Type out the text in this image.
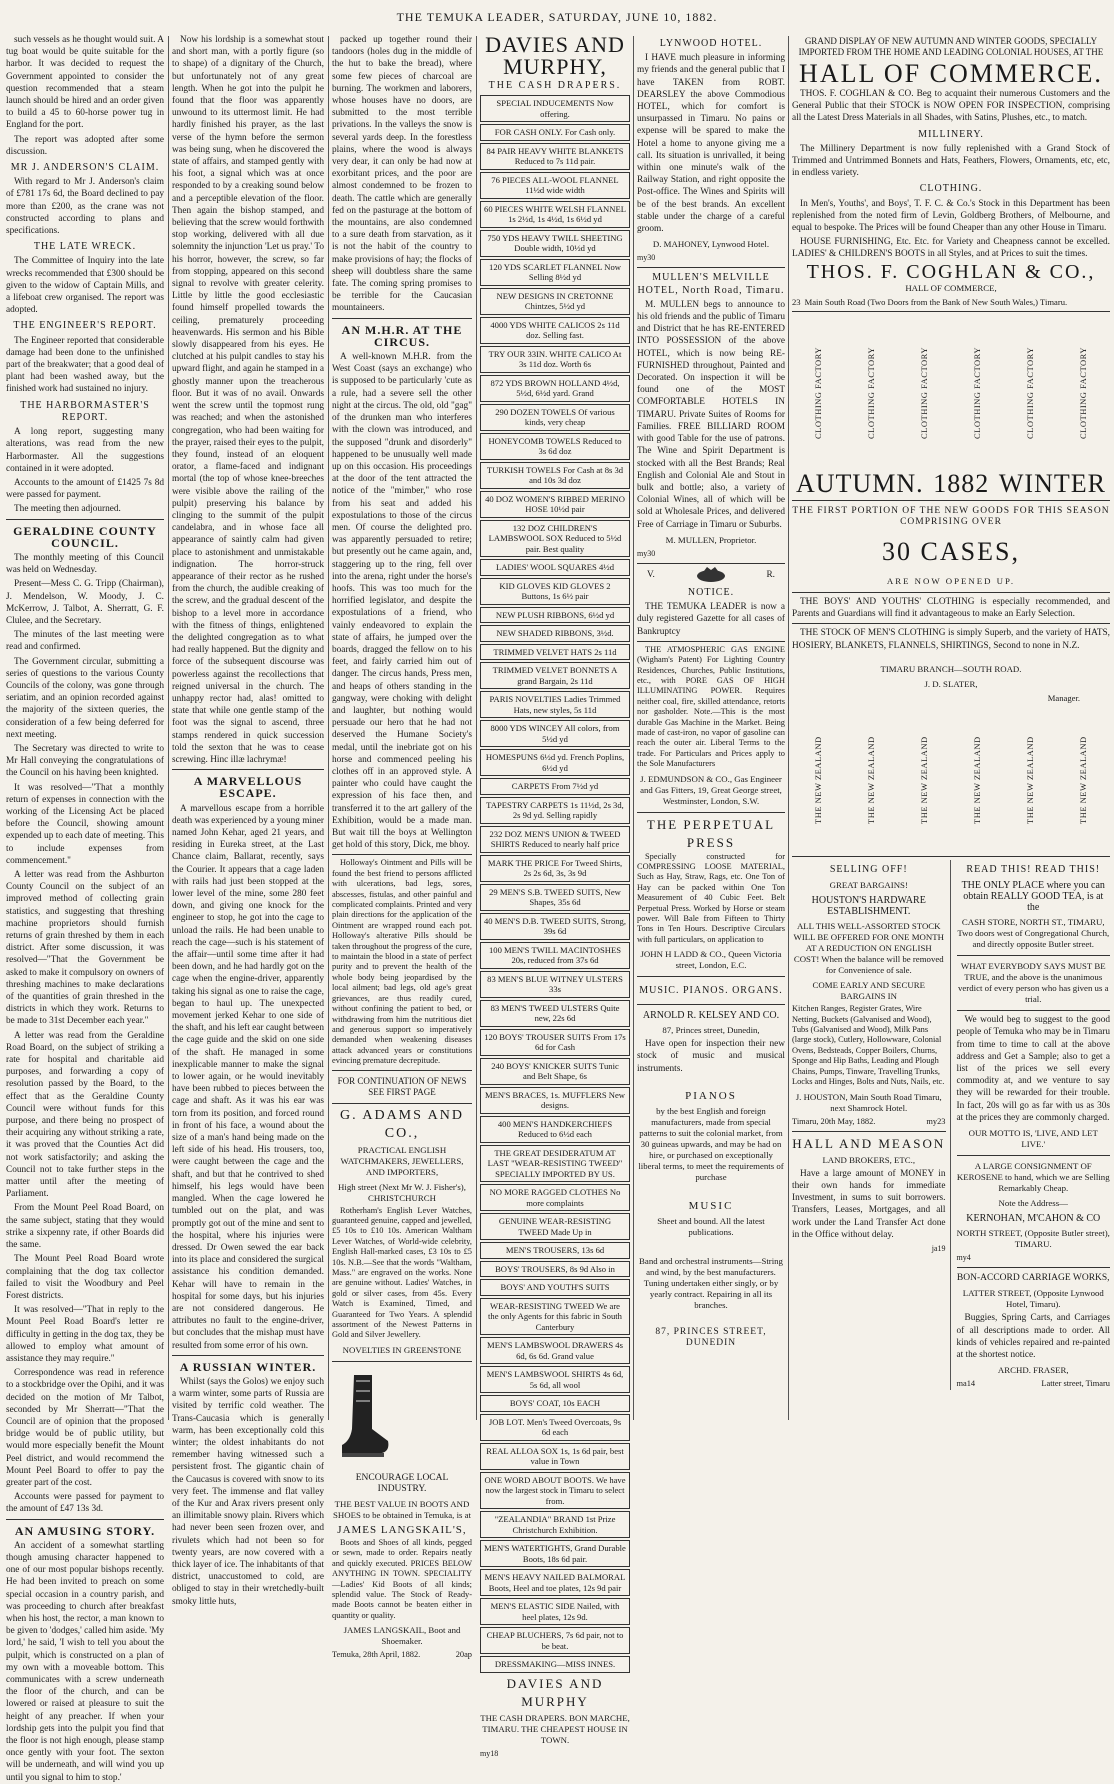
THE TEMUKA LEADER, SATURDAY, JUNE 10, 1882.

such vessels as he thought would suit. A tug boat would be quite suitable for the harbor. It was decided to request the Government appointed to consider the question recommended that a steam launch should be hired and an order given to build a 45 to 60-horse power tug in England for the port.

The report was adopted after some discussion.

MR J. ANDERSON'S CLAIM.

With regard to Mr J. Anderson's claim of £781 17s 6d, the Board declined to pay more than £200, as the crane was not constructed according to plans and specifications.

THE LATE WRECK.

The Committee of Inquiry into the late wrecks recommended that £300 should be given to the widow of Captain Mills, and a lifeboat crew organised. The report was adopted.

THE ENGINEER'S REPORT.

The Engineer reported that considerable damage had been done to the unfinished part of the breakwater; that a good deal of plant had been washed away, but the finished work had sustained no injury.

THE HARBORMASTER'S REPORT.

A long report, suggesting many alterations, was read from the new Harbormaster. All the suggestions contained in it were adopted.

Accounts to the amount of £1425 7s 8d were passed for payment.

The meeting then adjourned.

GERALDINE COUNTY COUNCIL.

The monthly meeting of this Council was held on Wednesday.

Present—Mess C. G. Tripp (Chairman), J. Mendelson, W. Moody, J. C. McKerrow, J. Talbot, A. Sherratt, G. F. Clulee, and the Secretary.

The minutes of the last meeting were read and confirmed.

The Government circular, submitting a series of questions to the various County Councils of the colony, was gone through seriatim, and an opinion recorded against the majority of the sixteen queries, the consideration of a few being deferred for next meeting.

The Secretary was directed to write to Mr Hall conveying the congratulations of the Council on his having been knighted.

It was resolved—"That a monthly return of expenses in connection with the working of the Licensing Act be placed before the Council, showing amount expended up to each date of meeting. This to include expenses from commencement."

A letter was read from the Ashburton County Council on the subject of an improved method of collecting grain statistics, and suggesting that threshing machine proprietors should furnish returns of grain threshed by them in each district. After some discussion, it was resolved—"That the Government be asked to make it compulsory on owners of threshing machines to make declarations of the quantities of grain threshed in the districts in which they work. Returns to be made to 31st December each year."

A letter was read from the Geraldine Road Board, on the subject of striking a rate for hospital and charitable aid purposes, and forwarding a copy of resolution passed by the Board, to the effect that as the Geraldine County Council were without funds for this purpose, and there being no prospect of their acquiring any without striking a rate, it was proved that the Counties Act did not work satisfactorily; and asking the Council not to take further steps in the matter until after the meeting of Parliament.

From the Mount Peel Road Board, on the same subject, stating that they would strike a sixpenny rate, if other Boards did the same.

The Mount Peel Road Board wrote complaining that the dog tax collector failed to visit the Woodbury and Peel Forest districts.

It was resolved—"That in reply to the Mount Peel Road Board's letter re difficulty in getting in the dog tax, they be allowed to employ what amount of assistance they may require."

Correspondence was read in reference to a stockbridge over the Opihi, and it was decided on the motion of Mr Talbot, seconded by Mr Sherratt—"That the Council are of opinion that the proposed bridge would be of public utility, but would more especially benefit the Mount Peel district, and would recommend the Mount Peel Board to offer to pay the greater part of the cost.

Accounts were passed for payment to the amount of £47 13s 3d.

AN AMUSING STORY.

An accident of a somewhat startling though amusing character happened to one of our most popular bishops recently. He had been invited to preach on some special occasion in a country parish, and was proceeding to church after breakfast when his host, the rector, a man known to be given to 'dodges,' called him aside. 'My lord,' he said, 'I wish to tell you about the pulpit, which is constructed on a plan of my own with a moveable bottom. This communicates with a screw underneath the floor of the church, and can be lowered or raised at pleasure to suit the height of any preacher. If when your lordship gets into the pulpit you find that the floor is not high enough, please stamp once gently with your foot. The sexton will be underneath, and will wind you up until you signal to him to stop.'

Now his lordship is a somewhat stout and short man, with a portly figure (so to shape) of a dignitary of the Church, but unfortunately not of any great length. When he got into the pulpit he found that the floor was apparently unwound to its uttermost limit. He had hardly finished his prayer, as the last verse of the hymn before the sermon was being sung, when he discovered the state of affairs, and stamped gently with his foot, a signal which was at once responded to by a creaking sound below and a perceptible elevation of the floor. Then again the bishop stamped, and believing that the screw would forthwith stop working, delivered with all due solemnity the injunction 'Let us pray.' To his horror, however, the screw, so far from stopping, appeared on this second signal to revolve with greater celerity. Little by little the good ecclesiastic found himself propelled towards the ceiling, prematurely proceeding heavenwards. His sermon and his Bible slowly disappeared from his eyes. He clutched at his pulpit candles to stay his upward flight, and again he stamped in a ghostly manner upon the treacherous floor. But it was of no avail. Onwards went the screw until the topmost rung was reached; and when the astonished congregation, who had been waiting for the prayer, raised their eyes to the pulpit, they found, instead of an eloquent orator, a flame-faced and indignant mortal (the top of whose knee-breeches were visible above the railing of the pulpit) preserving his balance by clinging to the summit of the pulpit candelabra, and in whose face all appearance of saintly calm had given place to astonishment and unmistakable indignation. The horror-struck appearance of their rector as he rushed from the church, the audible creaking of the screw, and the gradual descent of the bishop to a level more in accordance with the fitness of things, enlightened the delighted congregation as to what had really happened. But the dignity and force of the subsequent discourse was powerless against the recollections that reigned universal in the church. The unhappy rector had, alas! omitted to state that while one gentle stamp of the foot was the signal to ascend, three stamps rendered in quick succession told the sexton that he was to cease screwing. Hinc illæ lachrymæ!

A MARVELLOUS ESCAPE.

A marvellous escape from a horrible death was experienced by a young miner named John Kehar, aged 21 years, and residing in Eureka street, at the Last Chance claim, Ballarat, recently, says the Courier. It appears that a cage laden with rails had just been stopped at the lower level of the mine, some 280 feet down, and giving one knock for the engineer to stop, he got into the cage to unload the rails. He had been unable to reach the cage—such is his statement of the affair—until some time after it had been down, and he had hardly got on the cage when the engine-driver, apparently taking his signal as one to raise the cage, began to haul up. The unexpected movement jerked Kehar to one side of the shaft, and his left ear caught between the cage guide and the skid on one side of the shaft. He managed in some inexplicable manner to make the signal to lower again, or he would inevitably have been rubbed to pieces between the cage and shaft. As it was his ear was torn from its position, and forced round in front of his face, a wound about the size of a man's hand being made on the left side of his head. His trousers, too, were caught between the cage and the shaft, and but that he contrived to shed himself, his legs would have been mangled. When the cage lowered he tumbled out on the plat, and was promptly got out of the mine and sent to the hospital, where his injuries were dressed. Dr Owen sewed the ear back into its place and considered the surgical assistance his condition demanded. Kehar will have to remain in the hospital for some days, but his injuries are not considered dangerous. He attributes no fault to the engine-driver, but concludes that the mishap must have resulted from some error of his own.

A RUSSIAN WINTER.

Whilst (says the Golos) we enjoy such a warm winter, some parts of Russia are visited by terrific cold weather. The Trans-Caucasia which is generally warm, has been exceptionally cold this winter; the oldest inhabitants do not remember having witnessed such a persistent frost. The gigantic chain of the Caucasus is covered with snow to its very feet. The immense and flat valley of the Kur and Arax rivers present only an illimitable snowy plain. Rivers which had never been seen frozen over, and rivulets which had not been so for twenty years, are now covered with a thick layer of ice. The inhabitants of that district, unaccustomed to cold, are obliged to stay in their wretchedly-built smoky little huts,

packed up together round their tandoors (holes dug in the middle of the hut to bake the bread), where some few pieces of charcoal are burning. The workmen and laborers, whose houses have no doors, are submitted to the most terrible privations. In the valleys the snow is several yards deep. In the forestless plains, where the wood is always very dear, it can only be had now at exorbitant prices, and the poor are almost condemned to be frozen to death. The cattle which are generally fed on the pasturage at the bottom of the mountains, are also condemned to a sure death from starvation, as it is not the habit of the country to make provisions of hay; the flocks of sheep will doubtless share the same fate. The coming spring promises to be terrible for the Caucasian mountaineers.

AN M.H.R. AT THE CIRCUS.

A well-known M.H.R. from the West Coast (says an exchange) who is supposed to be particularly 'cute as a rule, had a severe sell the other night at the circus. The old, old "gag" of the drunken man who interferes with the clown was introduced, and the supposed "drunk and disorderly" happened to be unusually well made up on this occasion. His proceedings at the door of the tent attracted the notice of the "mimber," who rose from his seat and added his expostulations to those of the circus men. Of course the delighted pro. was apparently persuaded to retire; but presently out he came again, and, staggering up to the ring, fell over into the arena, right under the horse's hoofs. This was too much for the horrified legislator, and despite the expostulations of a friend, who vainly endeavored to explain the state of affairs, he jumped over the boards, dragged the fellow on to his feet, and fairly carried him out of danger. The circus hands, Press men, and heaps of others standing in the gangway, were choking with delight and laughter, but nothing would persuade our hero that he had not deserved the Humane Society's medal, until the inebriate got on his horse and commenced peeling his clothes off in an approved style. A painter who could have caught the expression of his face then, and transferred it to the art gallery of the Exhibition, would be a made man. But wait till the boys at Wellington get hold of this story, Dick, me bhoy.

Holloway's Ointment and Pills will be found the best friend to persons afflicted with ulcerations, bad legs, sores, abscesses, fistulas, and other painful and complicated complaints. Printed and very plain directions for the application of the Ointment are wrapped round each pot. Holloway's alterative Pills should be taken throughout the progress of the cure, to maintain the blood in a state of perfect purity and to prevent the health of the whole body being jeopardised by the local ailment; bad legs, old age's great grievances, are thus readily cured, without confining the patient to bed, or withdrawing from him the nutritious diet and generous support so imperatively demanded when weakening diseases attack advanced years or constitutions evincing premature decrepitude.

FOR CONTINUATION OF NEWS SEE FIRST PAGE
G. ADAMS AND CO.,
PRACTICAL ENGLISH WATCHMAKERS, JEWELLERS, AND IMPORTERS,
High street (Next Mr W. J. Fisher's), CHRISTCHURCH

Rotherham's English Lever Watches, guaranteed genuine, capped and jewelled, £5 10s to £10 10s. American Waltham Lever Watches, of World-wide celebrity, English Hall-marked cases, £3 10s to £5 10s. N.B.—See that the words "Waltham, Mass." are engraved on the works. None are genuine without. Ladies' Watches, in gold or silver cases, from 45s. Every Watch is Examined, Timed, and Guaranteed for Two Years. A splendid assortment of the Newest Patterns in Gold and Silver Jewellery.

NOVELTIES IN GREENSTONE
ENCOURAGE LOCAL INDUSTRY.
THE BEST VALUE IN BOOTS AND SHOES to be obtained in Temuka, is at
JAMES LANGSKAIL'S,

Boots and Shoes of all kinds, pegged or sewn, made to order. Repairs neatly and quickly executed. PRICES BELOW ANYTHING IN TOWN. SPECIALITY—Ladies' Kid Boots of all kinds; splendid value. The Stock of Ready-made Boots cannot be beaten either in quantity or quality.

JAMES LANGSKAIL, Boot and Shoemaker.
Temuka, 28th April, 1882.	20ap
DAVIES AND MURPHY,
THE CASH DRAPERS.
SPECIAL INDUCEMENTS Now offering.
FOR CASH ONLY. For Cash only.
84 PAIR HEAVY WHITE BLANKETS Reduced to 7s 11d pair.
76 PIECES ALL-WOOL FLANNEL 11½d wide width
60 PIECES WHITE WELSH FLANNEL 1s 2½d, 1s 4½d, 1s 6½d yd
750 YDS HEAVY TWILL SHEETING Double width, 10½d yd
120 YDS SCARLET FLANNEL Now Selling 8½d yd
NEW DESIGNS IN CRETONNE Chintzes, 5½d yd
4000 YDS WHITE CALICOS 2s 11d doz. Selling fast.
TRY OUR 33IN. WHITE CALICO At 3s 11d doz. Worth 6s
872 YDS BROWN HOLLAND 4½d, 5½d, 6½d yard. Grand
290 DOZEN TOWELS Of various kinds, very cheap
HONEYCOMB TOWELS Reduced to 3s 6d doz
TURKISH TOWELS For Cash at 8s 3d and 10s 3d doz
40 DOZ WOMEN'S RIBBED MERINO HOSE 10½d pair
132 DOZ CHILDREN'S LAMBSWOOL SOX Reduced to 5½d pair. Best quality
LADIES' WOOL SQUARES 4½d
KID GLOVES KID GLOVES 2 Buttons, 1s 6½ pair
NEW PLUSH RIBBONS, 6½d yd
NEW SHADED RIBBONS, 3½d.
TRIMMED VELVET HATS 2s 11d
TRIMMED VELVET BONNETS A grand Bargain, 2s 11d
PARIS NOVELTIES Ladies Trimmed Hats, new styles, 5s 11d
8000 YDS WINCEY All colors, from 5½d yd
HOMESPUNS 6½d yd. French Poplins, 6½d yd
CARPETS From 7½d yd
TAPESTRY CARPETS 1s 11½d, 2s 3d, 2s 9d yd. Selling rapidly
232 DOZ MEN'S UNION & TWEED SHIRTS Reduced to nearly half price
MARK THE PRICE For Tweed Shirts, 2s 2s 6d, 3s, 3s 9d
29 MEN'S S.B. TWEED SUITS, New Shapes, 35s 6d
40 MEN'S D.B. TWEED SUITS, Strong, 39s 6d
100 MEN'S TWILL MACINTOSHES 20s, reduced from 37s 6d
83 MEN'S BLUE WITNEY ULSTERS 33s
83 MEN'S TWEED ULSTERS Quite new, 22s 6d
120 BOYS' TROUSER SUITS From 17s 6d for Cash
240 BOYS' KNICKER SUITS Tunic and Belt Shape, 6s
MEN'S BRACES, 1s. MUFFLERS New designs.
400 MEN'S HANDKERCHIEFS Reduced to 6½d each
THE GREAT DESIDERATUM AT LAST "WEAR-RESISTING TWEED" SPECIALLY IMPORTED BY US.
NO MORE RAGGED CLOTHES No more complaints
GENUINE WEAR-RESISTING TWEED Made Up in
MEN'S TROUSERS, 13s 6d
BOYS' TROUSERS, 8s 9d Also in
BOYS' AND YOUTH'S SUITS
WEAR-RESISTING TWEED We are the only Agents for this fabric in South Canterbury
MEN'S LAMBSWOOL DRAWERS 4s 6d, 6s 6d. Grand value
MEN'S LAMBSWOOL SHIRTS 4s 6d, 5s 6d, all wool
BOYS' COAT, 10s EACH
JOB LOT. Men's Tweed Overcoats, 9s 6d each
REAL ALLOA SOX 1s, 1s 6d pair, best value in Town
ONE WORD ABOUT BOOTS. We have now the largest stock in Timaru to select from.
"ZEALANDIA" BRAND 1st Prize Christchurch Exhibition.
MEN'S WATERTIGHTS, Grand Durable Boots, 18s 6d pair.
MEN'S HEAVY NAILED BALMORAL Boots, Heel and toe plates, 12s 9d pair
MEN'S ELASTIC SIDE Nailed, with heel plates, 12s 9d.
CHEAP BLUCHERS, 7s 6d pair, not to be beat.
DRESSMAKING—MISS INNES.
DAVIES AND MURPHY
THE CASH DRAPERS. BON MARCHE, TIMARU. THE CHEAPEST HOUSE IN TOWN.
my18
LYNWOOD HOTEL.

I HAVE much pleasure in informing my friends and the general public that I have TAKEN from ROBT. DEARSLEY the above Commodious HOTEL, which for comfort is unsurpassed in Timaru. No pains or expense will be spared to make the Hotel a home to anyone giving me a call. Its situation is unrivalled, it being within one minute's walk of the Railway Station, and right opposite the Post-office. The Wines and Spirits will be of the best brands. An excellent stable under the charge of a careful groom.

D. MAHONEY, Lynwood Hotel.
my30
MULLEN'S MELVILLE HOTEL, North Road, Timaru.

M. MULLEN begs to announce to his old friends and the public of Timaru and District that he has RE-ENTERED INTO POSSESSION of the above HOTEL, which is now being RE-FURNISHED throughout, Painted and Decorated. On inspection it will be found one of the MOST COMFORTABLE HOTELS IN TIMARU. Private Suites of Rooms for Families. FREE BILLIARD ROOM with good Table for the use of patrons. The Wine and Spirit Department is stocked with all the Best Brands; Real English and Colonial Ale and Stout in bulk and bottle; also, a variety of Colonial Wines, all of which will be sold at Wholesale Prices, and delivered Free of Carriage in Timaru or Suburbs.

M. MULLEN, Proprietor.
my30
V.	R.
NOTICE.

THE TEMUKA LEADER is now a duly registered Gazette for all cases of Bankruptcy

THE ATMOSPHERIC GAS ENGINE (Wigham's Patent) For Lighting Country Residences, Churches, Public Institutions, etc., with PORE GAS OF HIGH ILLUMINATING POWER. Requires neither coal, fire, skilled attendance, retorts nor gasholder. Note.—This is the most durable Gas Machine in the Market. Being made of cast-iron, no vapor of gasoline can reach the outer air. Liberal Terms to the trade. For Particulars and Prices apply to the Sole Manufacturers

J. EDMUNDSON & CO., Gas Engineer and Gas Fitters, 19, Great George street, Westminster, London, S.W.
THE PERPETUAL PRESS

Specially constructed for COMPRESSING LOOSE MATERIAL, Such as Hay, Straw, Rags, etc. One Ton of Hay can be packed within One Ton Measurement of 40 Cubic Feet. Belt Perpetual Press. Worked by Horse or steam power. Will Bale from Fifteen to Thirty Tons in Ten Hours. Descriptive Circulars with full particulars, on application to

JOHN H LADD & CO., Queen Victoria street, London, E.C.
MUSIC. PIANOS. ORGANS.
ARNOLD R. KELSEY AND CO.
87, Princes street, Dunedin,

Have open for inspection their new stock of music and musical instruments.

PIANOS
by the best English and foreign manufacturers, made from special patterns to suit the colonial market, from 30 guineas upwards, and may be had on hire, or purchased on exceptionally liberal terms, to meet the requirements of purchase
MUSIC
Sheet and bound. All the latest publications.
Band and orchestral instruments—String and wind, by the best manufacturers. Tuning undertaken either singly, or by yearly contract. Repairing in all its branches.
87, PRINCES STREET, DUNEDIN
GRAND DISPLAY OF NEW AUTUMN AND WINTER GOODS, SPECIALLY IMPORTED FROM THE HOME AND LEADING COLONIAL HOUSES, AT THE
HALL OF COMMERCE.

THOS. F. COGHLAN & CO. Beg to acquaint their numerous Customers and the General Public that their STOCK is NOW OPEN FOR INSPECTION, comprising all the Latest Dress Materials in all Shades, with Satins, Plushes, etc., to match.

MILLINERY.

The Millinery Department is now fully replenished with a Grand Stock of Trimmed and Untrimmed Bonnets and Hats, Feathers, Flowers, Ornaments, etc, etc, in endless variety.

CLOTHING.

In Men's, Youths', and Boys', T. F. C. & Co.'s Stock in this Department has been replenished from the noted firm of Levin, Goldberg Brothers, of Melbourne, and equal to bespoke. The Prices will be found Cheaper than any other House in Timaru.

HOUSE FURNISHING, Etc. Etc. for Variety and Cheapness cannot be excelled. LADIES' & CHILDREN'S BOOTS in all Styles, and at Prices to suit the times.

THOS. F. COGHLAN & CO.,
HALL OF COMMERCE,
23 Main South Road (Two Doors from the Bank of New South Wales,) Timaru.
CLOTHING FACTORY	CLOTHING FACTORY	CLOTHING FACTORY	CLOTHING FACTORY	CLOTHING FACTORY	CLOTHING FACTORY
AUTUMN. 1882 WINTER
THE FIRST PORTION OF THE NEW GOODS FOR THIS SEASON COMPRISING OVER
30 CASES,
ARE NOW OPENED UP.

THE BOYS' AND YOUTHS' CLOTHING is especially recommended, and Parents and Guardians will find it advantageous to make an Early Selection.

THE STOCK OF MEN'S CLOTHING is simply Superb, and the variety of HATS, HOSIERY, BLANKETS, FLANNELS, SHIRTINGS, Second to none in N.Z.

TIMARU BRANCH—SOUTH ROAD.
J. D. SLATER,
Manager.
THE NEW ZEALAND	THE NEW ZEALAND	THE NEW ZEALAND	THE NEW ZEALAND	THE NEW ZEALAND	THE NEW ZEALAND
SELLING OFF!
GREAT BARGAINS!
HOUSTON'S HARDWARE ESTABLISHMENT.
ALL THIS WELL-ASSORTED STOCK WILL BE OFFERED FOR ONE MONTH AT A REDUCTION ON ENGLISH COST! When the balance will be removed for Convenience of sale.
COME EARLY AND SECURE BARGAINS IN

Kitchen Ranges, Register Grates, Wire Netting, Buckets (Galvanised and Wood), Tubs (Galvanised and Wood), Milk Pans (large stock), Cutlery, Hollowware, Colonial Ovens, Bedsteads, Copper Boilers, Churns, Sponge and Hip Baths, Leading and Plough Chains, Pumps, Tinware, Travelling Trunks, Locks and Hinges, Bolts and Nuts, Nails, etc.

J. HOUSTON, Main South Road Timaru, next Shamrock Hotel.
Timaru, 20th May, 1882.	my23
HALL AND MEASON
LAND BROKERS, ETC.,

Have a large amount of MONEY in their own hands for immediate Investment, in sums to suit borrowers. Transfers, Leases, Mortgages, and all work under the Land Transfer Act done in the Office without delay.

ja19
READ THIS! READ THIS!
THE ONLY PLACE where you can obtain REALLY GOOD TEA, is at the
CASH STORE, NORTH ST., TIMARU, Two doors west of Congregational Church, and directly opposite Butler street.
WHAT EVERYBODY SAYS MUST BE TRUE, and the above is the unanimous verdict of every person who has given us a trial.

We would beg to suggest to the good people of Temuka who may be in Timaru from time to time to call at the above address and Get a Sample; also to get a list of the prices we sell every commodity at, and we venture to say they will be rewarded for their trouble. In fact, 20s will go as far with us as 30s at the prices they are commonly charged.

OUR MOTTO IS, 'LIVE, AND LET LIVE.'
A LARGE CONSIGNMENT OF KEROSENE to hand, which we are Selling Remarkably Cheap.
Note the Address—
KERNOHAN, M'CAHON & CO
NORTH STREET, (Opposite Butler street), TIMARU.
my4
BON-ACCORD CARRIAGE WORKS,
LATTER STREET, (Opposite Lynwood Hotel, Timaru).

Buggies, Spring Carts, and Carriages of all descriptions made to order. All kinds of vehicles repaired and re-painted at the shortest notice.

ARCHD. FRASER,
ma14	Latter street, Timaru
